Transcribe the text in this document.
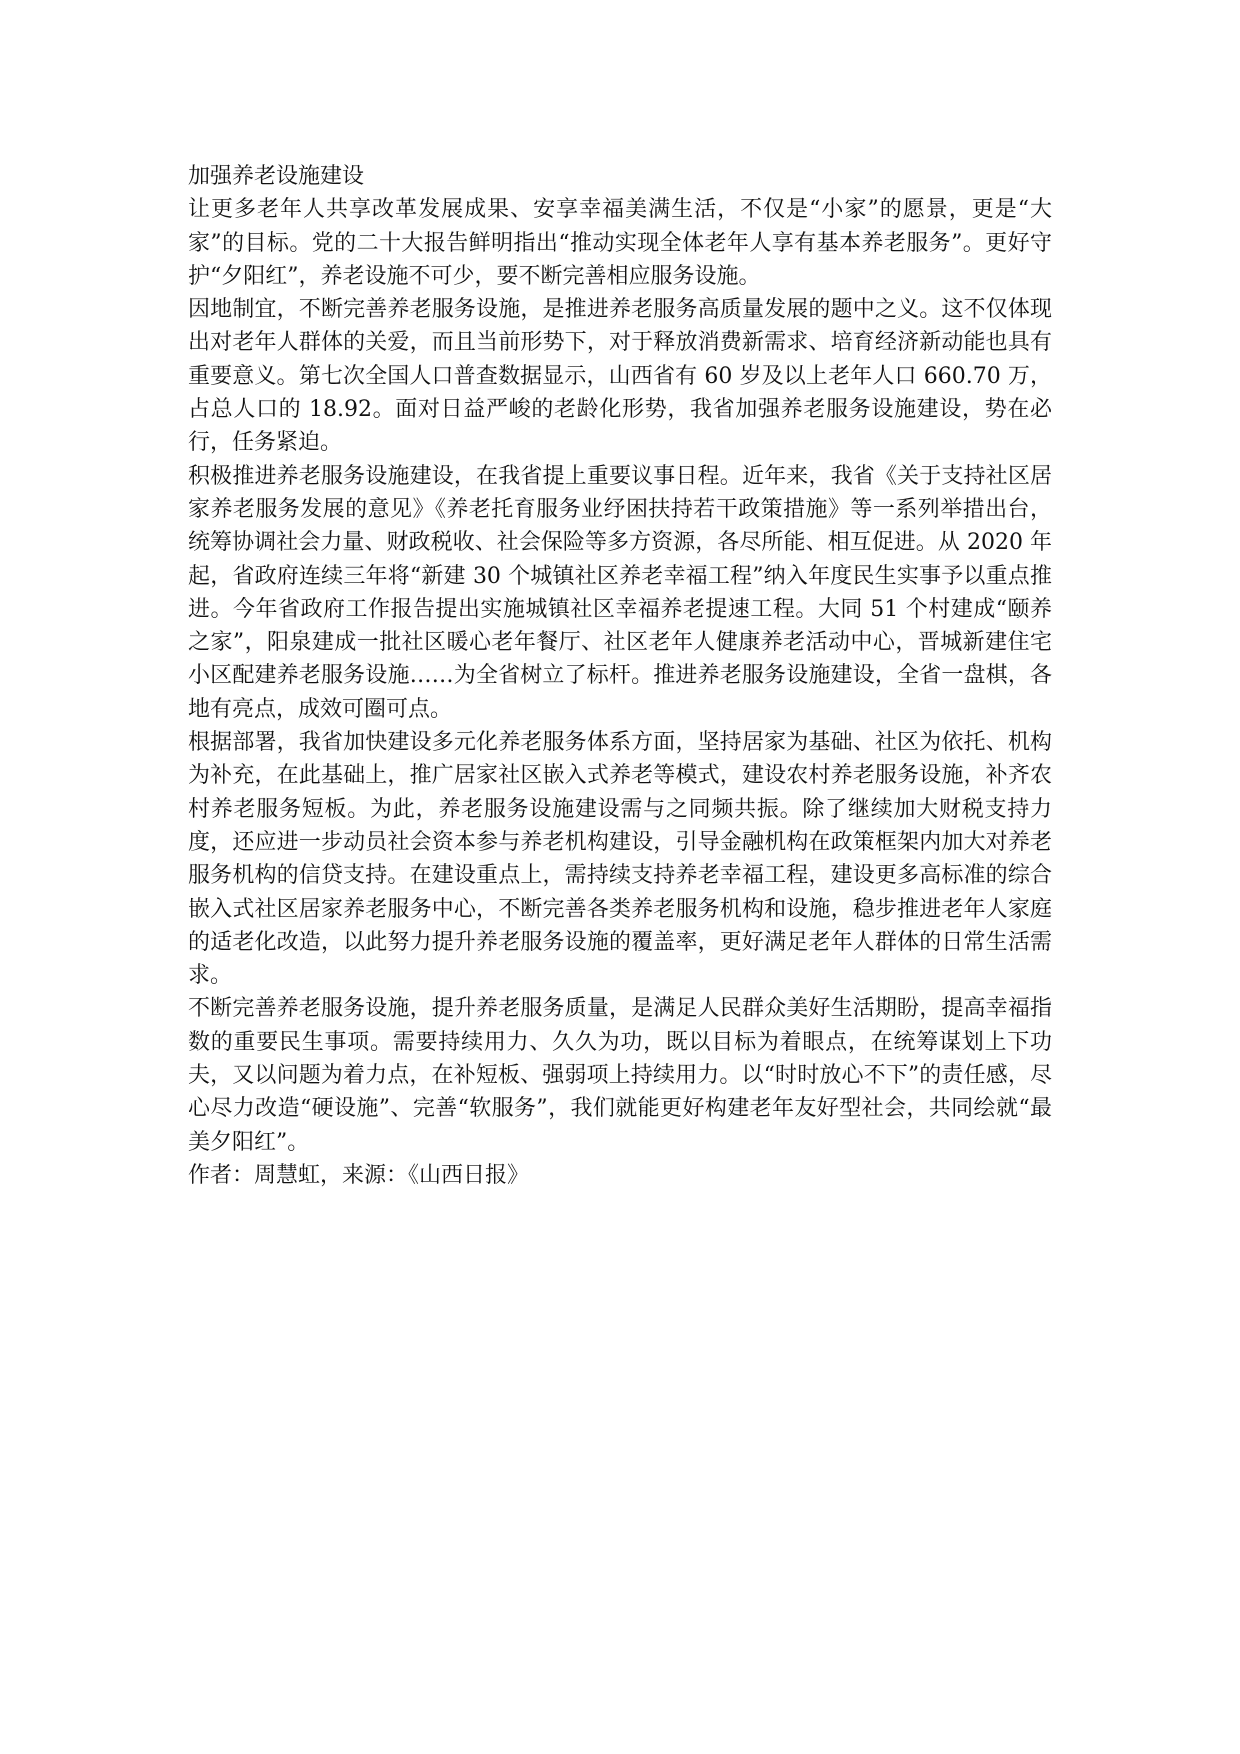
加强养老设施建设

让更多老年人共享改革发展成果、安享幸福美满生活，不仅是“小家”的愿景，更是“大家”的目标。党的二十大报告鲜明指出“推动实现全体老年人享有基本养老服务”。更好守护“夕阳红”，养老设施不可少，要不断完善相应服务设施。

因地制宜，不断完善养老服务设施，是推进养老服务高质量发展的题中之义。这不仅体现出对老年人群体的关爱，而且当前形势下，对于释放消费新需求、培育经济新动能也具有重要意义。第七次全国人口普查数据显示，山西省有 60 岁及以上老年人口 660.70 万，占总人口的 18.92。面对日益严峻的老龄化形势，我省加强养老服务设施建设，势在必行，任务紧迫。

积极推进养老服务设施建设，在我省提上重要议事日程。近年来，我省《关于支持社区居家养老服务发展的意见》《养老托育服务业纾困扶持若干政策措施》等一系列举措出台，统筹协调社会力量、财政税收、社会保险等多方资源，各尽所能、相互促进。从 2020 年起，省政府连续三年将“新建 30 个城镇社区养老幸福工程”纳入年度民生实事予以重点推进。今年省政府工作报告提出实施城镇社区幸福养老提速工程。大同 51 个村建成“颐养之家”，阳泉建成一批社区暖心老年餐厅、社区老年人健康养老活动中心，晋城新建住宅小区配建养老服务设施……为全省树立了标杆。推进养老服务设施建设，全省一盘棋，各地有亮点，成效可圈可点。

根据部署，我省加快建设多元化养老服务体系方面，坚持居家为基础、社区为依托、机构为补充，在此基础上，推广居家社区嵌入式养老等模式，建设农村养老服务设施，补齐农村养老服务短板。为此，养老服务设施建设需与之同频共振。除了继续加大财税支持力度，还应进一步动员社会资本参与养老机构建设，引导金融机构在政策框架内加大对养老服务机构的信贷支持。在建设重点上，需持续支持养老幸福工程，建设更多高标准的综合嵌入式社区居家养老服务中心，不断完善各类养老服务机构和设施，稳步推进老年人家庭的适老化改造，以此努力提升养老服务设施的覆盖率，更好满足老年人群体的日常生活需求。

不断完善养老服务设施，提升养老服务质量，是满足人民群众美好生活期盼，提高幸福指数的重要民生事项。需要持续用力、久久为功，既以目标为着眼点，在统筹谋划上下功夫，又以问题为着力点，在补短板、强弱项上持续用力。以“时时放心不下”的责任感，尽心尽力改造“硬设施”、完善“软服务”，我们就能更好构建老年友好型社会，共同绘就“最美夕阳红”。

作者：周慧虹，来源：《山西日报》
